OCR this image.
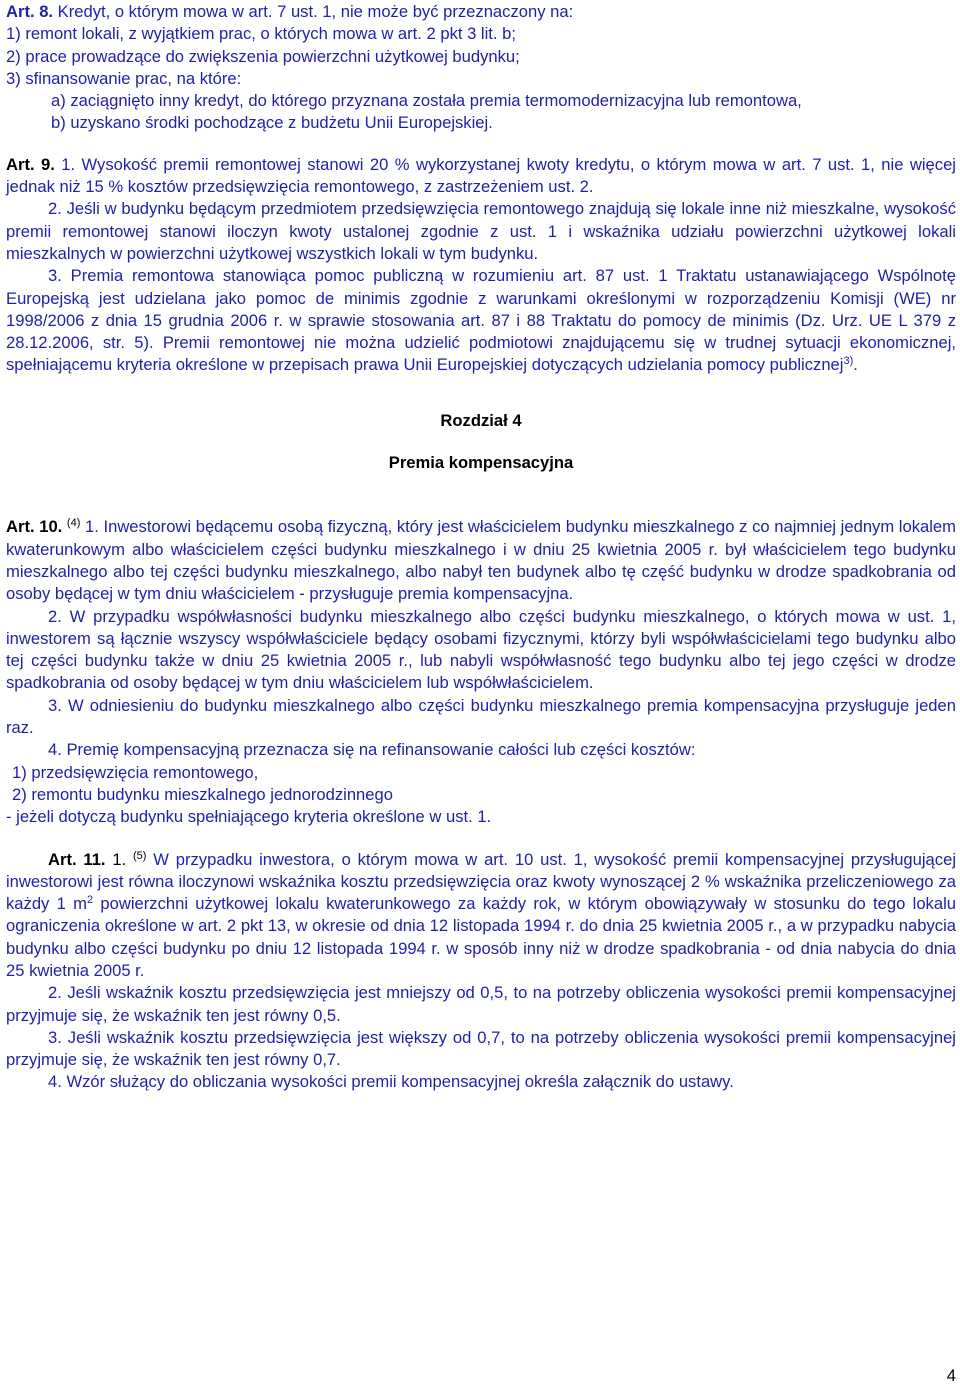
Art. 8. Kredyt, o którym mowa w art. 7 ust. 1, nie może być przeznaczony na:

1) remont lokali, z wyjątkiem prac, o których mowa w art. 2 pkt 3 lit. b;

2) prace prowadzące do zwiększenia powierzchni użytkowej budynku;

3) sfinansowanie prac, na które:

a) zaciągnięto inny kredyt, do którego przyznana została premia termomodernizacyjna lub remontowa,

b) uzyskano środki pochodzące z budżetu Unii Europejskiej.

Art. 9. 1. Wysokość premii remontowej stanowi 20 % wykorzystanej kwoty kredytu, o którym mowa w art. 7 ust. 1, nie więcej jednak niż 15 % kosztów przedsięwzięcia remontowego, z zastrzeżeniem ust. 2.

2. Jeśli w budynku będącym przedmiotem przedsięwzięcia remontowego znajdują się lokale inne niż mieszkalne, wysokość premii remontowej stanowi iloczyn kwoty ustalonej zgodnie z ust. 1 i wskaźnika udziału powierzchni użytkowej lokali mieszkalnych w powierzchni użytkowej wszystkich lokali w tym budynku.

3. Premia remontowa stanowiąca pomoc publiczną w rozumieniu art. 87 ust. 1 Traktatu ustanawiającego Wspólnotę Europejską jest udzielana jako pomoc de minimis zgodnie z warunkami określonymi w rozporządzeniu Komisji (WE) nr 1998/2006 z dnia 15 grudnia 2006 r. w sprawie stosowania art. 87 i 88 Traktatu do pomocy de minimis (Dz. Urz. UE L 379 z 28.12.2006, str. 5). Premii remontowej nie można udzielić podmiotowi znajdującemu się w trudnej sytuacji ekonomicznej, spełniającemu kryteria określone w przepisach prawa Unii Europejskiej dotyczących udzielania pomocy publicznej$^{3)}$.

Rozdział 4

Premia kompensacyjna

Art. 10. $^{(4)}$ 1. Inwestorowi będącemu osobą fizyczną, który jest właścicielem budynku mieszkalnego z co najmniej jednym lokalem kwaterunkowym albo właścicielem części budynku mieszkalnego i w dniu 25 kwietnia 2005 r. był właścicielem tego budynku mieszkalnego albo tej części budynku mieszkalnego, albo nabył ten budynek albo tę część budynku w drodze spadkobrania od osoby będącej w tym dniu właścicielem - przysługuje premia kompensacyjna.

2. W przypadku współwłasności budynku mieszkalnego albo części budynku mieszkalnego, o których mowa w ust. 1, inwestorem są łącznie wszyscy współwłaściciele będący osobami fizycznymi, którzy byli współwłaścicielami tego budynku albo tej części budynku także w dniu 25 kwietnia 2005 r., lub nabyli współwłasność tego budynku albo tej jego części w drodze spadkobrania od osoby będącej w tym dniu właścicielem lub współwłaścicielem.

3. W odniesieniu do budynku mieszkalnego albo części budynku mieszkalnego premia kompensacyjna przysługuje jeden raz.

4. Premię kompensacyjną przeznacza się na refinansowanie całości lub części kosztów:

1) przedsięwzięcia remontowego,

2) remontu budynku mieszkalnego jednorodzinnego

- jeżeli dotyczą budynku spełniającego kryteria określone w ust. 1.

Art. 11. 1. $^{(5)}$ W przypadku inwestora, o którym mowa w art. 10 ust. 1, wysokość premii kompensacyjnej przysługującej inwestorowi jest równa iloczynowi wskaźnika kosztu przedsięwzięcia oraz kwoty wynoszącej 2 % wskaźnika przeliczeniowego za każdy 1 $m^2$ powierzchni użytkowej lokalu kwaterunkowego za każdy rok, w którym obowiązywały w stosunku do tego lokalu ograniczenia określone w art. 2 pkt 13, w okresie od dnia 12 listopada 1994 r. do dnia 25 kwietnia 2005 r., a w przypadku nabycia budynku albo części budynku po dniu 12 listopada 1994 r. w sposób inny niż w drodze spadkobrania - od dnia nabycia do dnia 25 kwietnia 2005 r.

2. Jeśli wskaźnik kosztu przedsięwzięcia jest mniejszy od 0,5, to na potrzeby obliczenia wysokości premii kompensacyjnej przyjmuje się, że wskaźnik ten jest równy 0,5.

3. Jeśli wskaźnik kosztu przedsięwzięcia jest większy od 0,7, to na potrzeby obliczenia wysokości premii kompensacyjnej przyjmuje się, że wskaźnik ten jest równy 0,7.

4. Wzór służący do obliczania wysokości premii kompensacyjnej określa załącznik do ustawy.

4
